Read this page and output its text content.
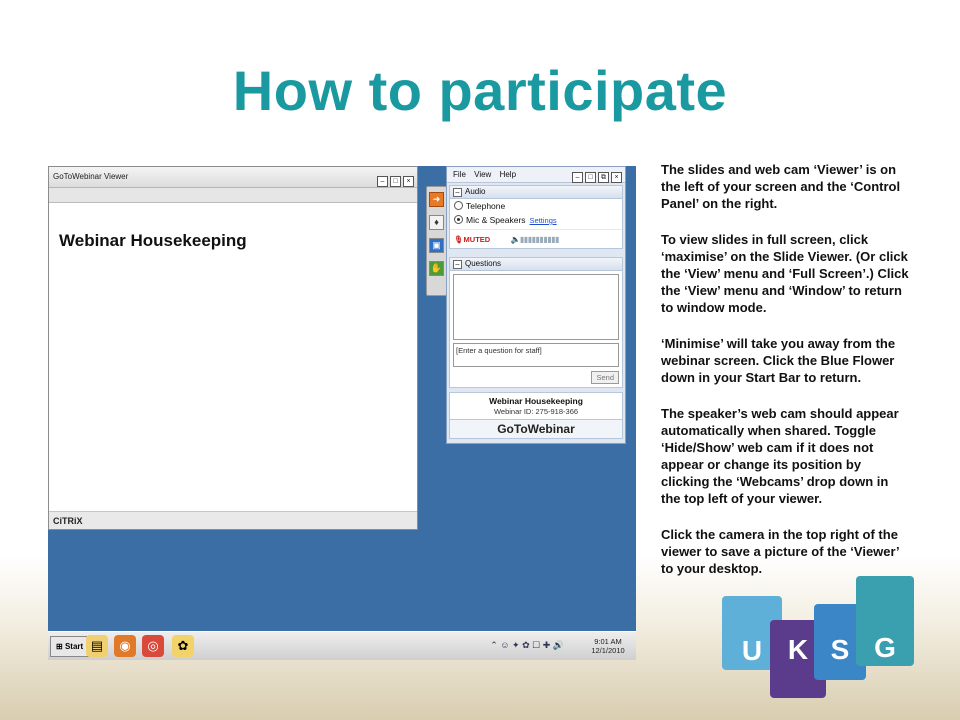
How to participate
GoToWebinar Viewer
– □ ×
Webinar Housekeeping
CiTRiX
➜
♦
▣
✋
File View Help	– □ ⧉ ×
– Audio
Telephone
Mic & Speakers Settings
🎙MUTED	🔈▮▮▮▮▮▮▮▮▮▮
– Questions
[Enter a question for staff]
Send
Webinar Housekeeping
Webinar ID: 275-918-366
GoToWebinar
⊞ Start ▤	◉	◎	✿	⌃ ☺ ✦ ✿ ☐ ✚ 🔊	9:01 AM
12/1/2010	U K S G

The slides and web cam ‘Viewer’ is on the left of your screen and the ‘Control Panel’ on the right.

To view slides in full screen, click ‘maximise’ on the Slide Viewer. (Or click the ‘View’ menu and ‘Full Screen’.) Click the ‘View’ menu and ‘Window’ to return to window mode.

‘Minimise’ will take you away from the webinar screen. Click the Blue Flower down in your Start Bar to return.

The speaker’s web cam should appear automatically when shared. Toggle ‘Hide/Show’ web cam if it does not appear or change its position by clicking the ‘Webcams’ drop down in the top left of your viewer.

Click the camera in the top right of the viewer to save a picture of the ‘Viewer’ to your desktop.
